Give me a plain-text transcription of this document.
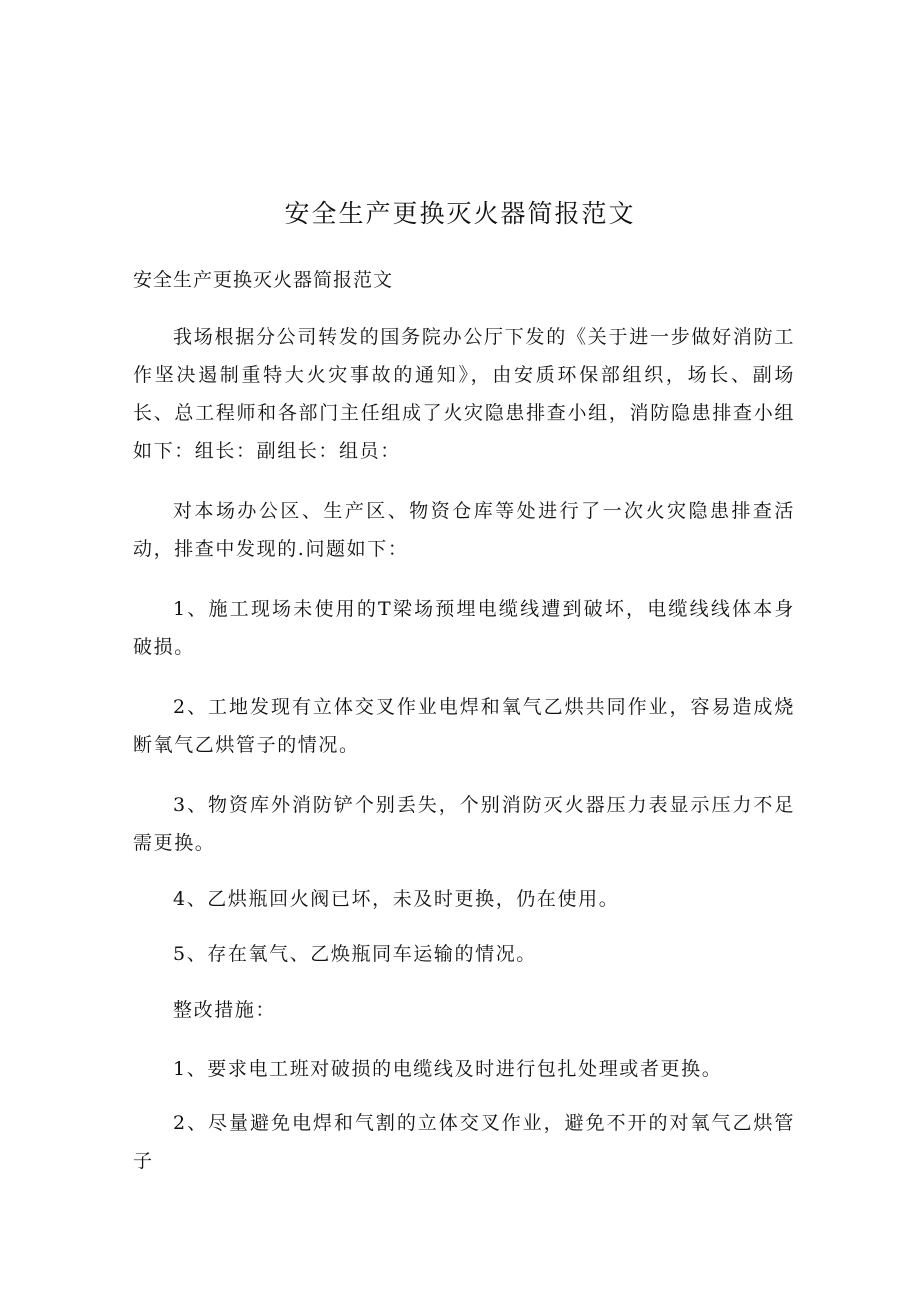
安全生产更换灭火器简报范文
安全生产更换灭火器简报范文
我场根据分公司转发的国务院办公厅下发的《关于进一步做好消防工作坚决遏制重特大火灾事故的通知》，由安质环保部组织，场长、副场长、总工程师和各部门主任组成了火灾隐患排查小组，消防隐患排查小组如下：组长：副组长：组员：
对本场办公区、生产区、物资仓库等处进行了一次火灾隐患排查活动，排查中发现的.问题如下：
1、施工现场未使用的T梁场预埋电缆线遭到破坏，电缆线线体本身破损。
2、工地发现有立体交叉作业电焊和氧气乙烘共同作业，容易造成烧断氧气乙烘管子的情况。
3、物资库外消防铲个别丢失，个别消防灭火器压力表显示压力不足需更换。
4、乙烘瓶回火阀已坏，未及时更换，仍在使用。
5、存在氧气、乙焕瓶同车运输的情况。
整改措施：
1、要求电工班对破损的电缆线及时进行包扎处理或者更换。
2、尽量避免电焊和气割的立体交叉作业，避免不开的对氧气乙烘管子
